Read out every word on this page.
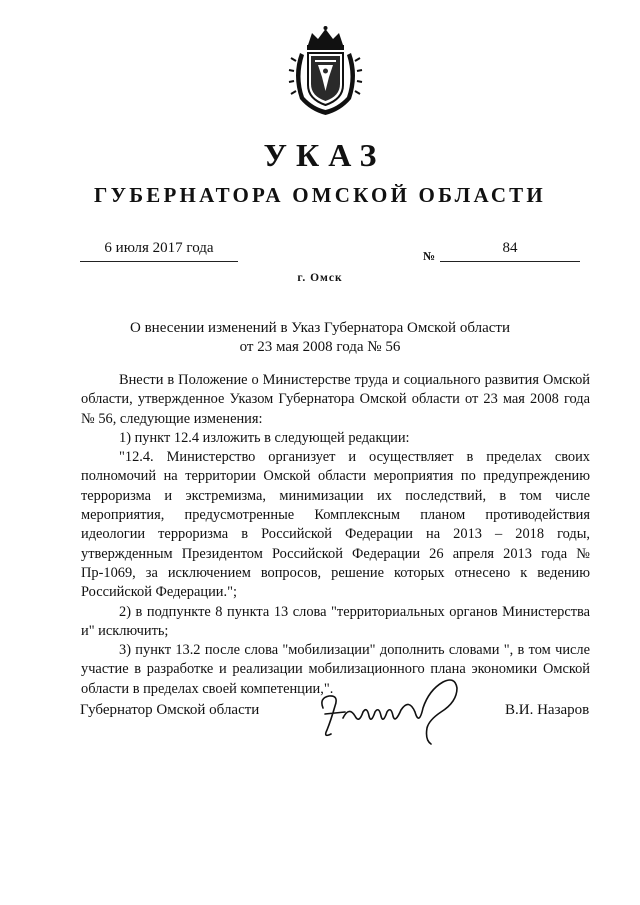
УКАЗ
ГУБЕРНАТОРА ОМСКОЙ ОБЛАСТИ
6 июля 2017 года	№	84
г. Омск
О внесении изменений в Указ Губернатора Омской области
от 23 мая 2008 года № 56

Внести в Положение о Министерстве труда и социального развития Омской области, утвержденное Указом Губернатора Омской области от 23 мая 2008 года № 56, следующие изменения:

1) пункт 12.4 изложить в следующей редакции:

"12.4. Министерство организует и осуществляет в пределах своих полномочий на территории Омской области мероприятия по предупреждению терроризма и экстремизма, минимизации их последствий, в том числе мероприятия, предусмотренные Комплексным планом противодействия идеологии терроризма в Российской Федерации на 2013 – 2018 годы, утвержденным Президентом Российской Федерации 26 апреля 2013 года № Пр-1069, за исключением вопросов, решение которых отнесено к ведению Российской Федерации.";

2) в подпункте 8 пункта 13 слова "территориальных органов Министерства и" исключить;

3) пункт 13.2 после слова "мобилизации" дополнить словами ", в том числе участие в разработке и реализации мобилизационного плана экономики Омской области в пределах своей компетенции,".

Губернатор Омской области	В.И. Назаров
